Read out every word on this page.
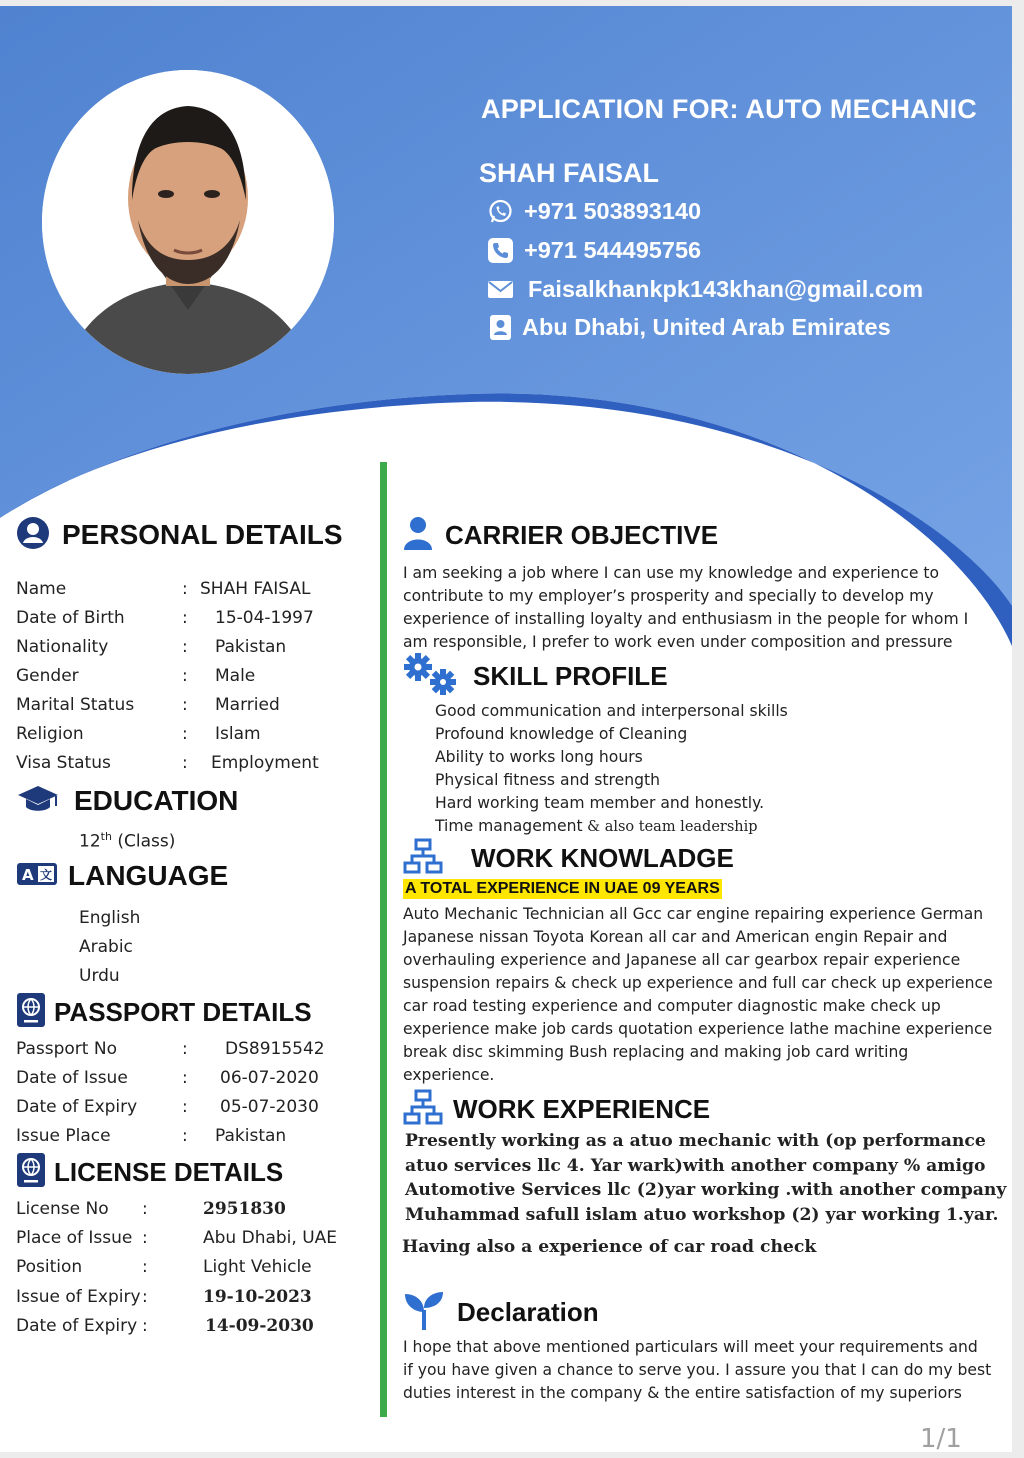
APPLICATION FOR: AUTO MECHANIC
SHAH FAISAL
+971 503893140
+971 544495756
Faisalkhankpk143khan@gmail.com
Abu Dhabi, United Arab Emirates
PERSONAL DETAILS
Name	: SHAH FAISAL
Date of Birth	: 15-04-1997
Nationality	: Pakistan
Gender	: Male
Marital Status	: Married
Religion	: Islam
Visa Status	: Employment
EDUCATION
12th (Class)
A 文 LANGUAGE
English
Arabic
Urdu
PASSPORT DETAILS
Passport No	: DS8915542
Date of Issue	: 06-07-2020
Date of Expiry	: 05-07-2030
Issue Place	: Pakistan
LICENSE DETAILS
License No :	2951830
Place of Issue :	Abu Dhabi, UAE
Position	:	Light Vehicle
Issue of Expiry :	19-10-2023
Date of Expiry :	14-09-2030
CARRIER OBJECTIVE
I am seeking a job where I can use my knowledge and experience to
contribute to my employer’s prosperity and specially to develop my
experience of installing loyalty and enthusiasm in the people for whom I
am responsible, I prefer to work even under composition and pressure
SKILL PROFILE
Good communication and interpersonal skills
Profound knowledge of Cleaning
Ability to works long hours
Physical fitness and strength
Hard working team member and honestly.
Time management & also team leadership
WORK KNOWLADGE
A TOTAL EXPERIENCE IN UAE 09 YEARS
Auto Mechanic Technician all Gcc car engine repairing experience German
Japanese nissan Toyota Korean all car and American engin Repair and
overhauling experience and Japanese all car gearbox repair experience
suspension repairs & check up experience and full car check up experience
car road testing experience and computer diagnostic make check up
experience make job cards quotation experience lathe machine experience
break disc skimming Bush replacing and making job card writing
experience.
WORK EXPERIENCE
Presently working as a atuo mechanic with (op performance
atuo services llc 4. Yar wark)with another company % amigo
Automotive Services llc (2)yar working .with another company
Muhammad safull islam atuo workshop (2) yar working 1.yar.
Having also a experience of car road check
Declaration
I hope that above mentioned particulars will meet your requirements and
if you have given a chance to serve you. I assure you that I can do my best
duties interest in the company & the entire satisfaction of my superiors
1/1
